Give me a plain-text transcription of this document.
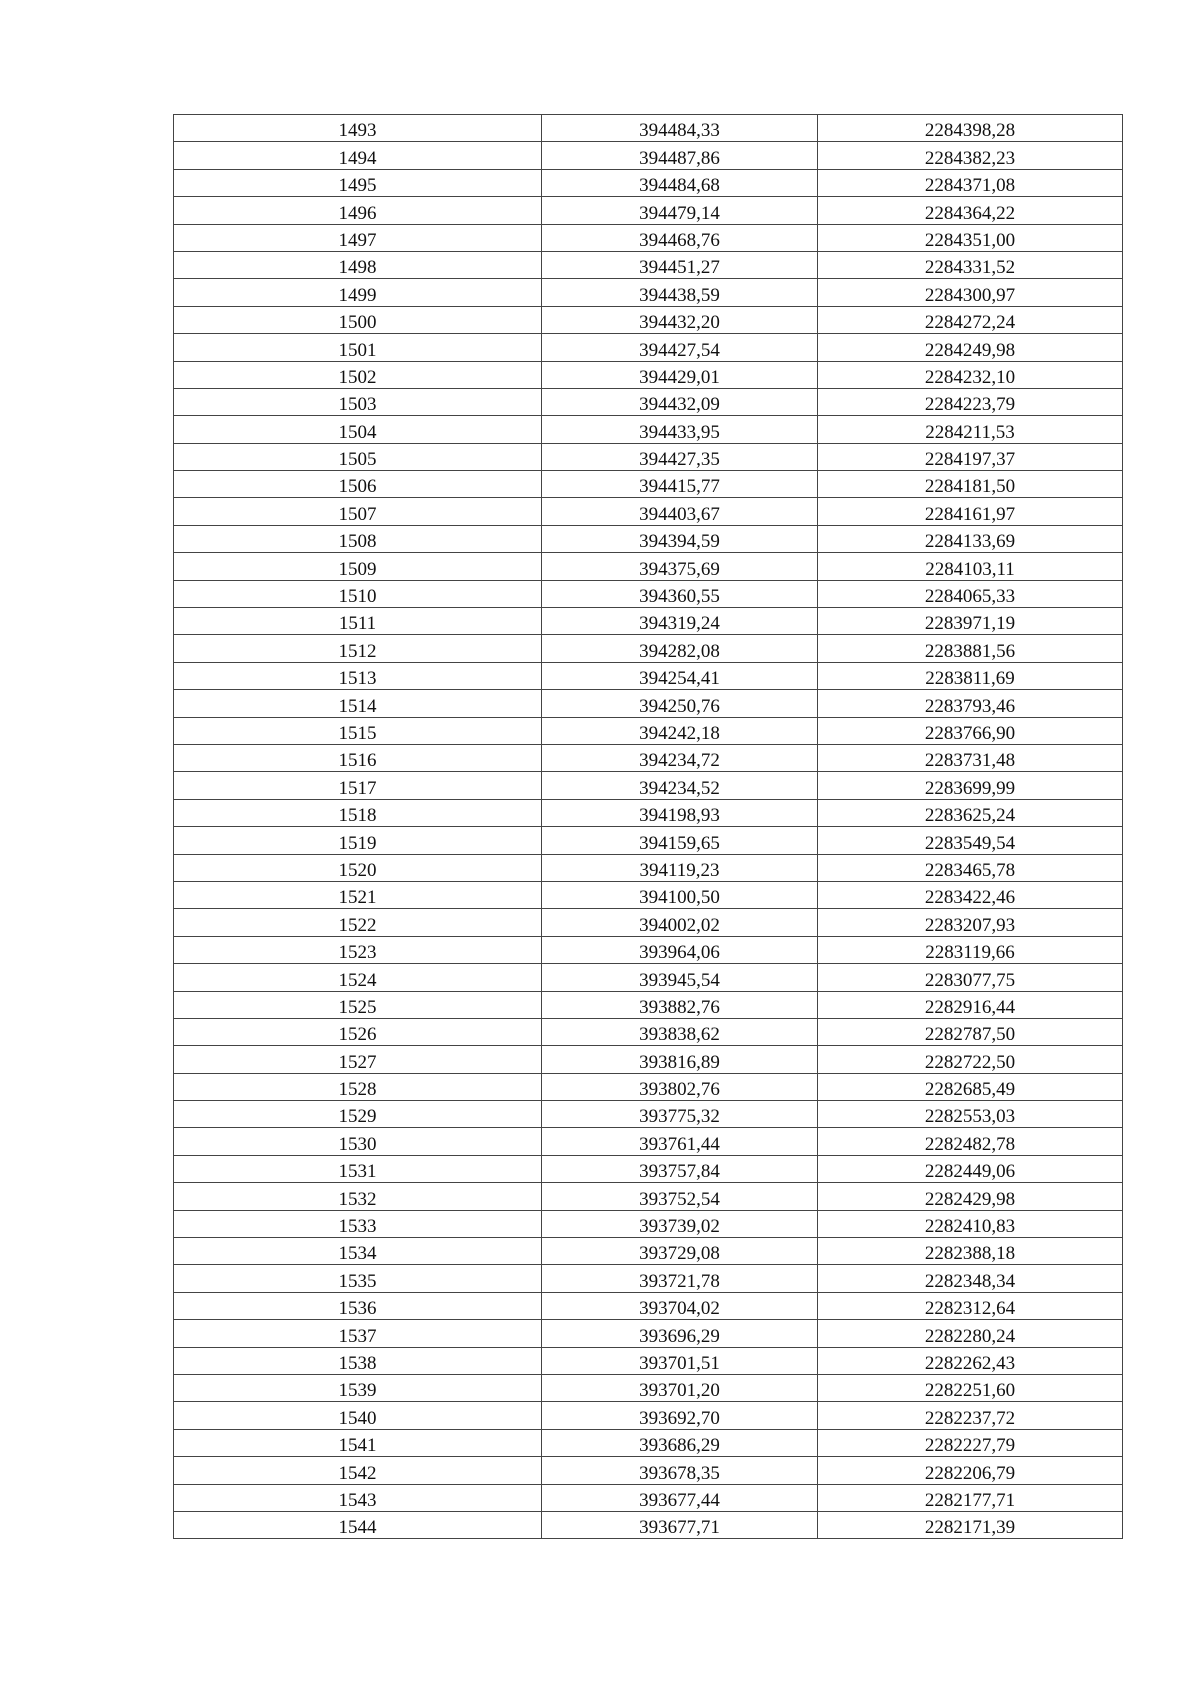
1493	394484,33	2284398,28
1494	394487,86	2284382,23
1495	394484,68	2284371,08
1496	394479,14	2284364,22
1497	394468,76	2284351,00
1498	394451,27	2284331,52
1499	394438,59	2284300,97
1500	394432,20	2284272,24
1501	394427,54	2284249,98
1502	394429,01	2284232,10
1503	394432,09	2284223,79
1504	394433,95	2284211,53
1505	394427,35	2284197,37
1506	394415,77	2284181,50
1507	394403,67	2284161,97
1508	394394,59	2284133,69
1509	394375,69	2284103,11
1510	394360,55	2284065,33
1511	394319,24	2283971,19
1512	394282,08	2283881,56
1513	394254,41	2283811,69
1514	394250,76	2283793,46
1515	394242,18	2283766,90
1516	394234,72	2283731,48
1517	394234,52	2283699,99
1518	394198,93	2283625,24
1519	394159,65	2283549,54
1520	394119,23	2283465,78
1521	394100,50	2283422,46
1522	394002,02	2283207,93
1523	393964,06	2283119,66
1524	393945,54	2283077,75
1525	393882,76	2282916,44
1526	393838,62	2282787,50
1527	393816,89	2282722,50
1528	393802,76	2282685,49
1529	393775,32	2282553,03
1530	393761,44	2282482,78
1531	393757,84	2282449,06
1532	393752,54	2282429,98
1533	393739,02	2282410,83
1534	393729,08	2282388,18
1535	393721,78	2282348,34
1536	393704,02	2282312,64
1537	393696,29	2282280,24
1538	393701,51	2282262,43
1539	393701,20	2282251,60
1540	393692,70	2282237,72
1541	393686,29	2282227,79
1542	393678,35	2282206,79
1543	393677,44	2282177,71
1544	393677,71	2282171,39
